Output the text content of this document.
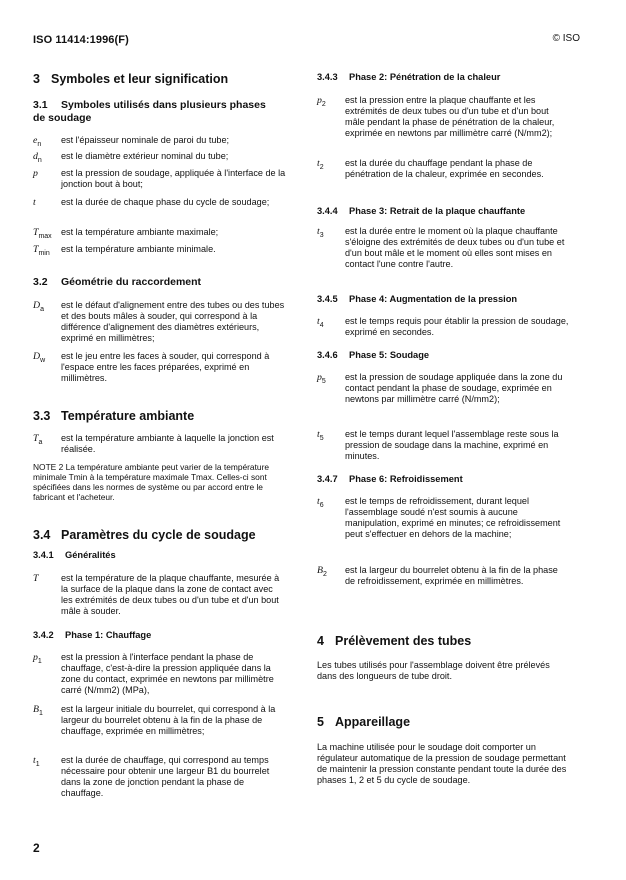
ISO 11414:1996(F)	© ISO
3 Symboles et leur signification
3.1 Symboles utilisés dans plusieurs phases
de soudage
$e_n$	est l'épaisseur nominale de paroi du tube;
$d_n$	est le diamètre extérieur nominal du tube;
p	est la pression de soudage, appliquée à l'interface de la jonction bout à bout;
t	est la durée de chaque phase du cycle de soudage;
$T_{max}$	est la température ambiante maximale;
$T_{min}$	est la température ambiante minimale.
3.2 Géométrie du raccordement
$D_a$	est le défaut d'alignement entre des tubes ou des tubes et des bouts mâles à souder, qui correspond à la différence d'alignement des diamètres extérieurs, exprimé en millimètres;
$D_w$	est le jeu entre les faces à souder, qui correspond à l'espace entre les faces préparées, exprimé en millimètres.
3.3 Température ambiante
$T_a$	est la température ambiante à laquelle la jonction est réalisée.
NOTE 2 La température ambiante peut varier de la température minimale Tmin à la température maximale Tmax. Celles-ci sont spécifiées dans les normes de système ou par accord entre le fabricant et l'acheteur.
3.4 Paramètres du cycle de soudage
3.4.1 Généralités
T	est la température de la plaque chauffante, mesurée à la surface de la plaque dans la zone de contact avec les extrémités de deux tubes ou d'un tube et d'un bout mâle à souder.
3.4.2 Phase 1: Chauffage
$p_1$	est la pression à l'interface pendant la phase de chauffage, c'est-à-dire la pression appliquée dans la zone du contact, exprimée en newtons par millimètre carré (N/mm2) (MPa),
$B_1$	est la largeur initiale du bourrelet, qui correspond à la largeur du bourrelet obtenu à la fin de la phase de chauffage, exprimée en millimètres;
$t_1$	est la durée de chauffage, qui correspond au temps nécessaire pour obtenir une largeur B1 du bourrelet dans la zone de jonction pendant la phase de chauffage.
3.4.3 Phase 2: Pénétration de la chaleur
$p_2$	est la pression entre la plaque chauffante et les extrémités de deux tubes ou d'un tube et d'un bout mâle pendant la phase de pénétration de la chaleur, exprimée en newtons par millimètre carré (N/mm2);
$t_2$	est la durée du chauffage pendant la phase de pénétration de la chaleur, exprimée en secondes.
3.4.4 Phase 3: Retrait de la plaque chauffante
$t_3$	est la durée entre le moment où la plaque chauffante s'éloigne des extrémités de deux tubes ou d'un tube et d'un bout mâle et le moment où elles sont mises en contact l'une contre l'autre.
3.4.5 Phase 4: Augmentation de la pression
$t_4$	est le temps requis pour établir la pression de soudage, exprimé en secondes.
3.4.6 Phase 5: Soudage
$p_5$	est la pression de soudage appliquée dans la zone du contact pendant la phase de soudage, exprimée en newtons par millimètre carré (N/mm2);
$t_5$	est le temps durant lequel l'assemblage reste sous la pression de soudage dans la machine, exprimé en minutes.
3.4.7 Phase 6: Refroidissement
$t_6$	est le temps de refroidissement, durant lequel l'assemblage soudé n'est soumis à aucune manipulation, exprimé en minutes; ce refroidissement peut s'effectuer en dehors de la machine;
$B_2$	est la largeur du bourrelet obtenu à la fin de la phase de refroidissement, exprimée en millimètres.
4 Prélèvement des tubes
Les tubes utilisés pour l'assemblage doivent être prélevés dans des longueurs de tube droit.
5 Appareillage
La machine utilisée pour le soudage doit comporter un régulateur automatique de la pression de soudage permettant de maintenir la pression constante pendant toute la durée des phases 1, 2 et 5 du cycle de soudage.
2
